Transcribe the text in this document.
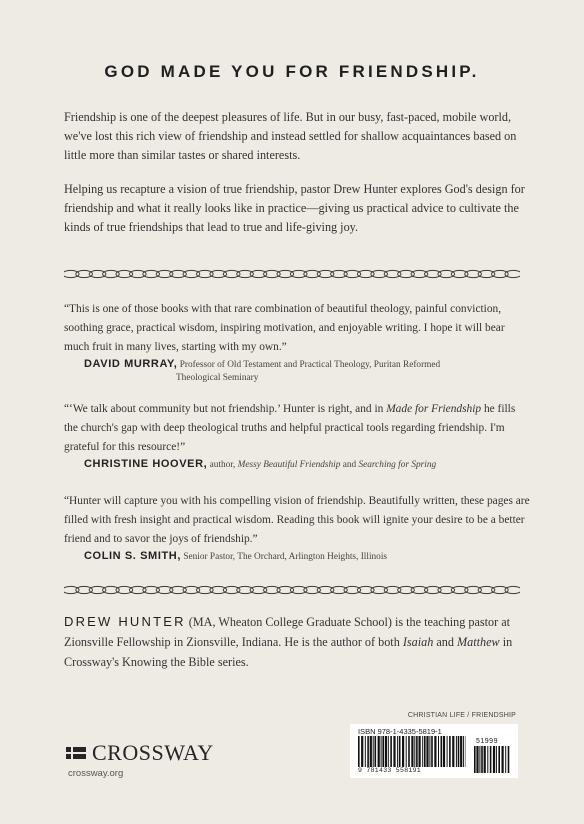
GOD MADE YOU FOR FRIENDSHIP.
Friendship is one of the deepest pleasures of life. But in our busy, fast-paced, mobile world, we've lost this rich view of friendship and instead settled for shallow acquaintances based on little more than similar tastes or shared interests.
Helping us recapture a vision of true friendship, pastor Drew Hunter explores God's design for friendship and what it really looks like in practice—giving us practical advice to cultivate the kinds of true friendships that lead to true and life-giving joy.
“This is one of those books with that rare combination of beautiful theology, painful conviction, soothing grace, practical wisdom, inspiring motivation, and enjoyable writing. I hope it will bear much fruit in many lives, starting with my own.”
DAVID MURRAY, Professor of Old Testament and Practical Theology, Puritan Reformed
Theological Seminary
“‘We talk about community but not friendship.’ Hunter is right, and in Made for Friendship he fills the church's gap with deep theological truths and helpful practical tools regarding friendship. I'm grateful for this resource!”
CHRISTINE HOOVER, author, Messy Beautiful Friendship and Searching for Spring
“Hunter will capture you with his compelling vision of friendship. Beautifully written, these pages are filled with fresh insight and practical wisdom. Reading this book will ignite your desire to be a better friend and to savor the joys of friendship.”
COLIN S. SMITH, Senior Pastor, The Orchard, Arlington Heights, Illinois
DREW HUNTER (MA, Wheaton College Graduate School) is the teaching pastor at Zionsville Fellowship in Zionsville, Indiana. He is the author of both Isaiah and Matthew in Crossway's Knowing the Bible series.
CROSSWAY
crossway.org
CHRISTIAN LIFE / FRIENDSHIP
ISBN 978-1-4335-5819-1
51999
9 781433 558191
